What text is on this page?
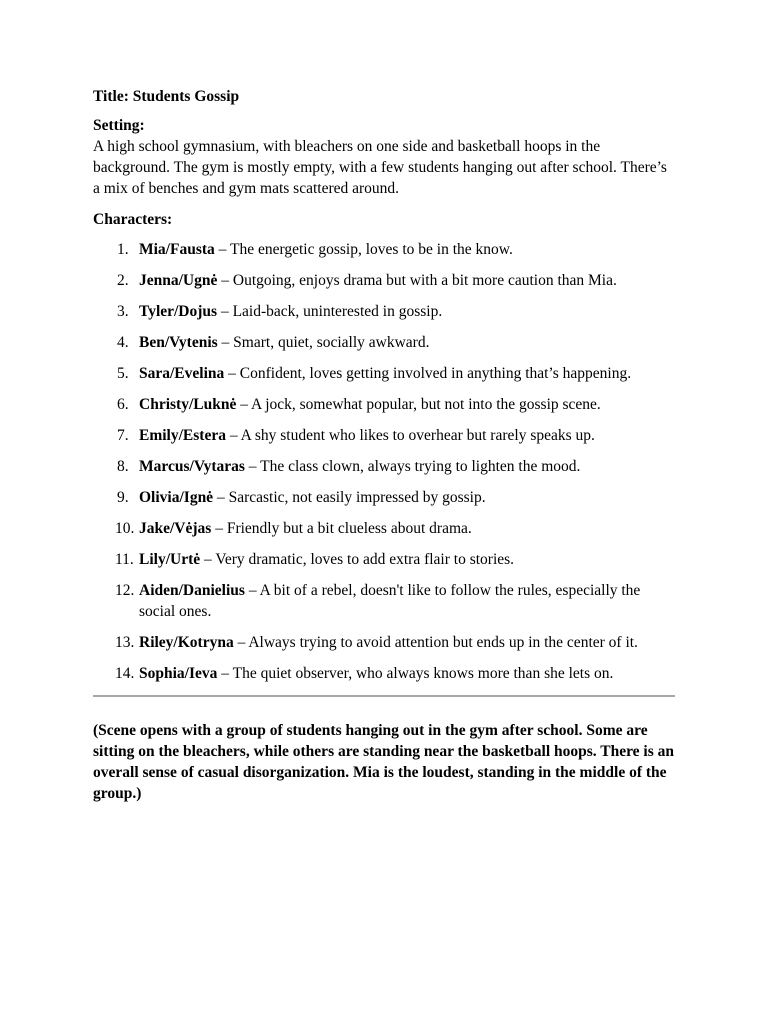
Title: Students Gossip

Setting:

A high school gymnasium, with bleachers on one side and basketball hoops in the background. The gym is mostly empty, with a few students hanging out after school. There’s a mix of benches and gym mats scattered around.

Characters:
1. Mia/Fausta – The energetic gossip, loves to be in the know.
2. Jenna/Ugnė – Outgoing, enjoys drama but with a bit more caution than Mia.
3. Tyler/Dojus – Laid-back, uninterested in gossip.
4. Ben/Vytenis – Smart, quiet, socially awkward.
5. Sara/Evelina – Confident, loves getting involved in anything that’s happening.
6. Christy/Luknė – A jock, somewhat popular, but not into the gossip scene.
7. Emily/Estera – A shy student who likes to overhear but rarely speaks up.
8. Marcus/Vytaras – The class clown, always trying to lighten the mood.
9. Olivia/Ignė – Sarcastic, not easily impressed by gossip.
10. Jake/Vėjas – Friendly but a bit clueless about drama.
11. Lily/Urtė – Very dramatic, loves to add extra flair to stories.
12. Aiden/Danielius – A bit of a rebel, doesn't like to follow the rules, especially the social ones.
13. Riley/Kotryna – Always trying to avoid attention but ends up in the center of it.
14. Sophia/Ieva – The quiet observer, who always knows more than she lets on.

(Scene opens with a group of students hanging out in the gym after school. Some are sitting on the bleachers, while others are standing near the basketball hoops. There is an overall sense of casual disorganization. Mia is the loudest, standing in the middle of the group.)
